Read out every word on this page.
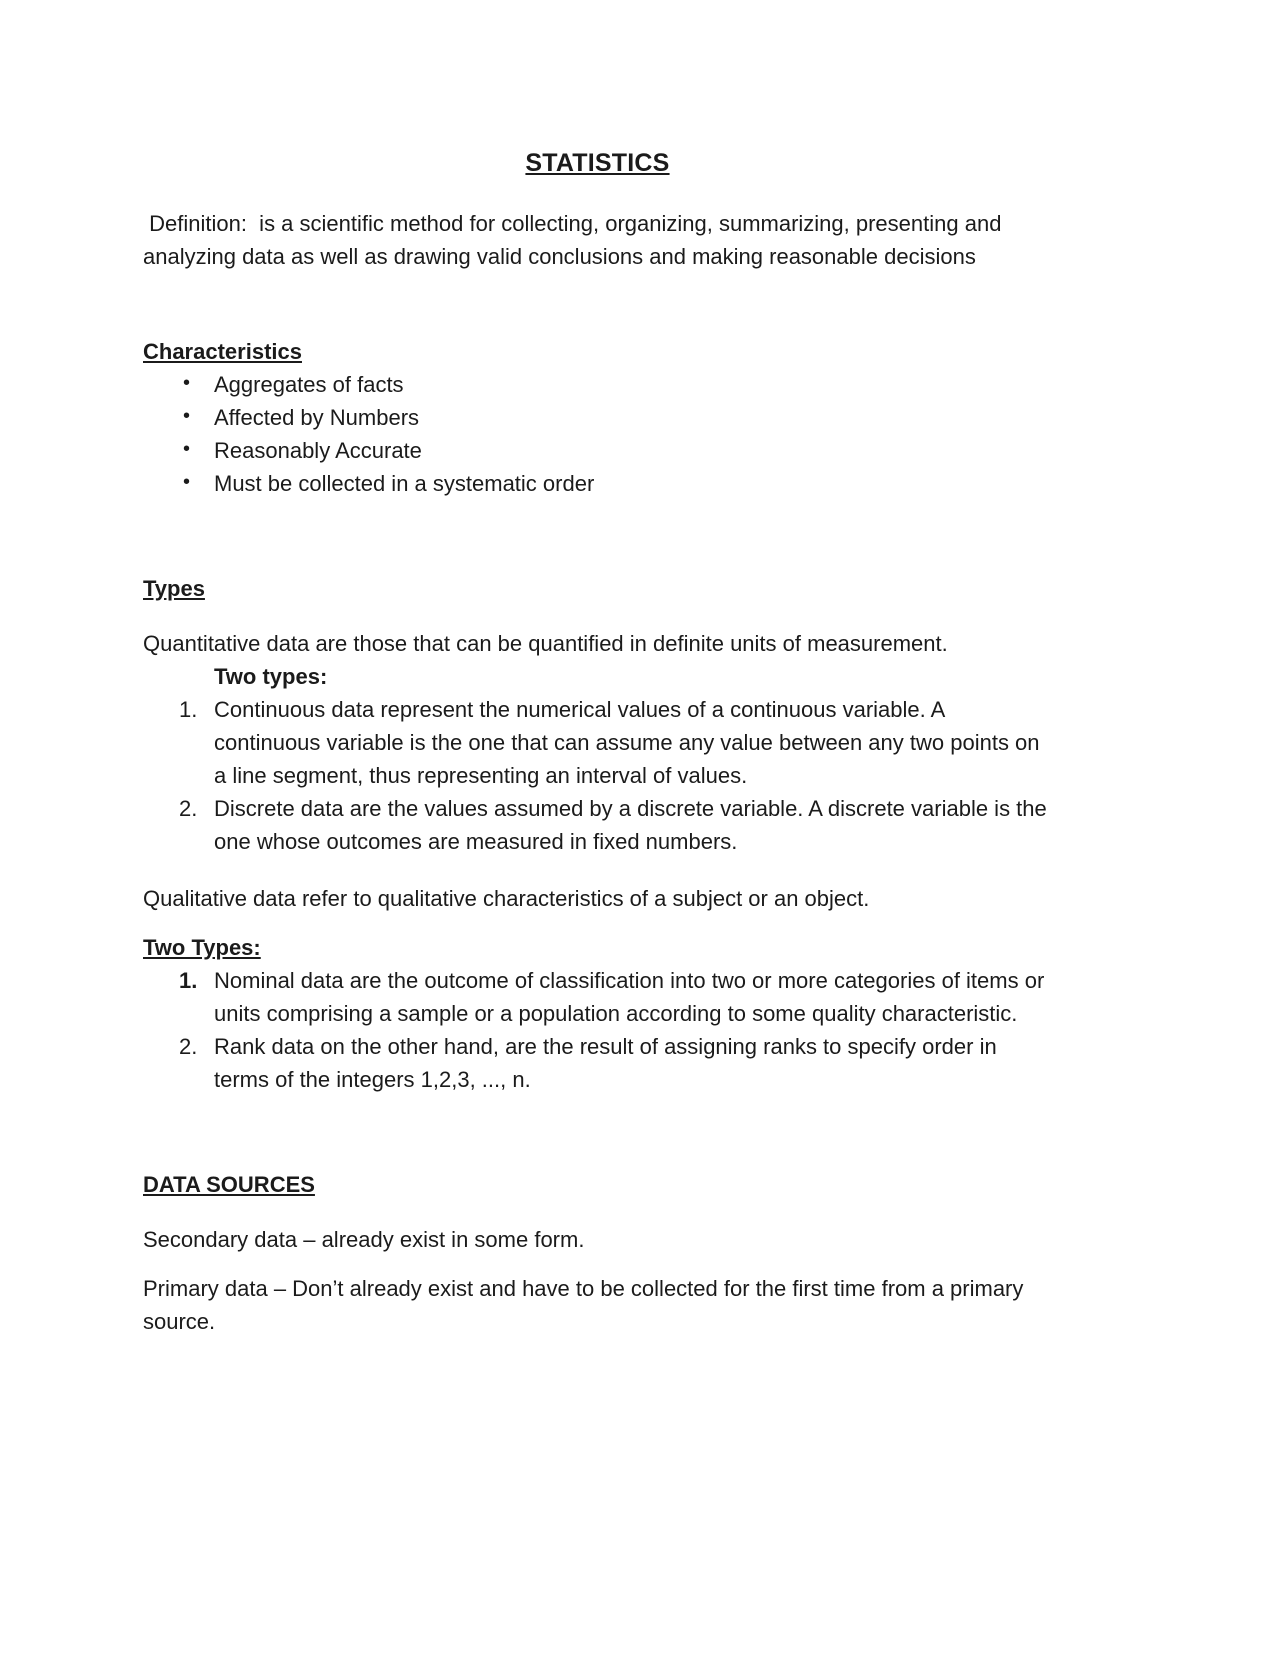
STATISTICS

Definition:  is a scientific method for collecting, organizing, summarizing, presenting and analyzing data as well as drawing valid conclusions and making reasonable decisions

Characteristics
• Aggregates of facts
• Affected by Numbers
• Reasonably Accurate
• Must be collected in a systematic order
Types

Quantitative data are those that can be quantified in definite units of measurement.

Two types:

1. Continuous data represent the numerical values of a continuous variable. A continuous variable is the one that can assume any value between any two points on a line segment, thus representing an interval of values.
2. Discrete data are the values assumed by a discrete variable. A discrete variable is the one whose outcomes are measured in fixed numbers.

Qualitative data refer to qualitative characteristics of a subject or an object.

Two Types:
1. Nominal data are the outcome of classification into two or more categories of items or units comprising a sample or a population according to some quality characteristic.
2. Rank data on the other hand, are the result of assigning ranks to specify order in terms of the integers 1,2,3, ..., n.
DATA SOURCES

Secondary data – already exist in some form.

Primary data – Don’t already exist and have to be collected for the first time from a primary source.
